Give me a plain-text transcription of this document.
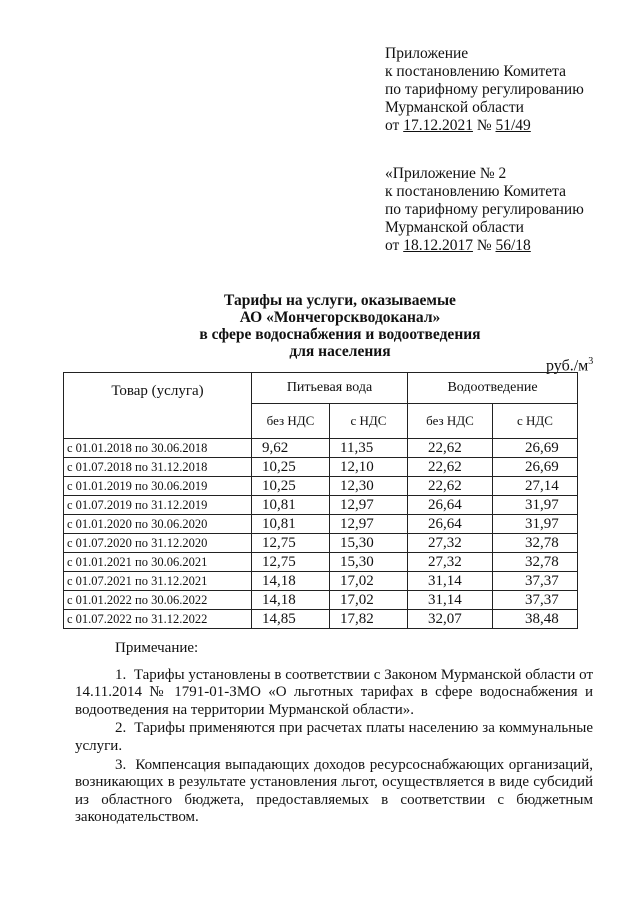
Приложение
к постановлению Комитета
по тарифному регулированию
Мурманской области
от 17.12.2021 № 51/49
«Приложение № 2
к постановлению Комитета
по тарифному регулированию
Мурманской области
от 18.12.2017 № 56/18
Тарифы на услуги, оказываемые
АО «Мончегорскводоканал»
в сфере водоснабжения и водоотведения
для населения
$руб./м^3$
Товар (услуга)	Питьевая вода		Водоотведение	
	без НДС	с НДС	без НДС	с НДС
с 01.01.2018 по 30.06.2018	9,62	11,35	22,62	26,69
с 01.07.2018 по 31.12.2018	10,25	12,10	22,62	26,69
с 01.01.2019 по 30.06.2019	10,25	12,30	22,62	27,14
с 01.07.2019 по 31.12.2019	10,81	12,97	26,64	31,97
с 01.01.2020 по 30.06.2020	10,81	12,97	26,64	31,97
с 01.07.2020 по 31.12.2020	12,75	15,30	27,32	32,78
с 01.01.2021 по 30.06.2021	12,75	15,30	27,32	32,78
с 01.07.2021 по 31.12.2021	14,18	17,02	31,14	37,37
с 01.01.2022 по 30.06.2022	14,18	17,02	31,14	37,37
с 01.07.2022 по 31.12.2022	14,85	17,82	32,07	38,48
Примечание:

1.  Тарифы установлены в соответствии с Законом Мурманской области от 14.11.2014 № 1791-01-ЗМО «О льготных тарифах в сфере водоснабжения и водоотведения на территории Мурманской области».

2.  Тарифы применяются при расчетах платы населению за коммунальные услуги.

3.  Компенсация выпадающих доходов ресурсоснабжающих организаций, возникающих в результате установления льгот, осуществляется в виде субсидий из областного бюджета, предоставляемых в соответствии с бюджетным законодательством.
